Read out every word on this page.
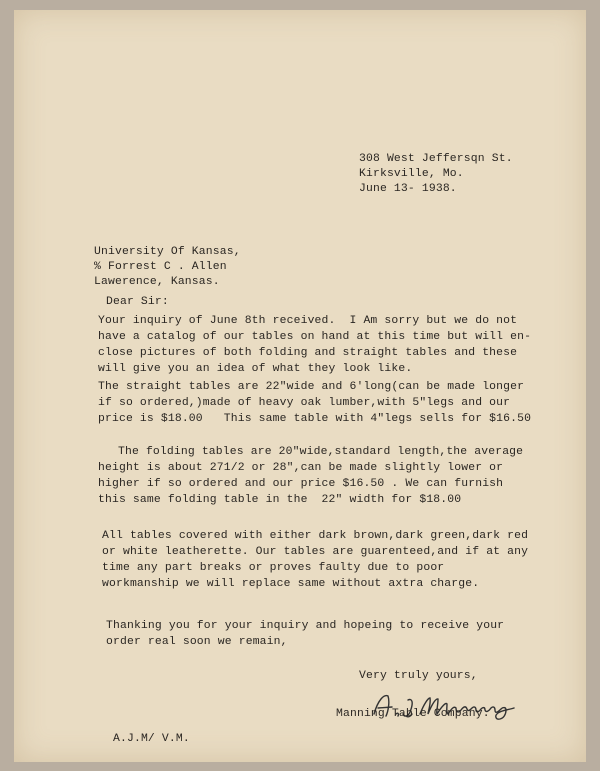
308 West Jeffersqn St.
Kirksville, Mo.
June 13- 1938.
University Of Kansas,
% Forrest C . Allen
Lawerence, Kansas.
Dear Sir:
Your inquiry of June 8th received.  I Am sorry but we do not
have a catalog of our tables on hand at this time but will en-
close pictures of both folding and straight tables and these
will give you an idea of what they look like.
The straight tables are 22"wide and 6'long(can be made longer
if so ordered,)made of heavy oak lumber,with 5"legs and our
price is $18.00   This same table with 4"legs sells for $16.50
The folding tables are 20"wide,standard length,the average
height is about 271/2 or 28",can be made slightly lower or
higher if so ordered and our price $16.50 . We can furnish
this same folding table in the  22" width for $18.00
All tables covered with either dark brown,dark green,dark red
or white leatherette. Our tables are guarenteed,and if at any
time any part breaks or proves faulty due to poor
workmanship we will replace same without axtra charge.
Thanking you for your inquiry and hopeing to receive your
order real soon we remain,
Very truly yours,
Manning Table Company.
A.J.M/ V.M.
